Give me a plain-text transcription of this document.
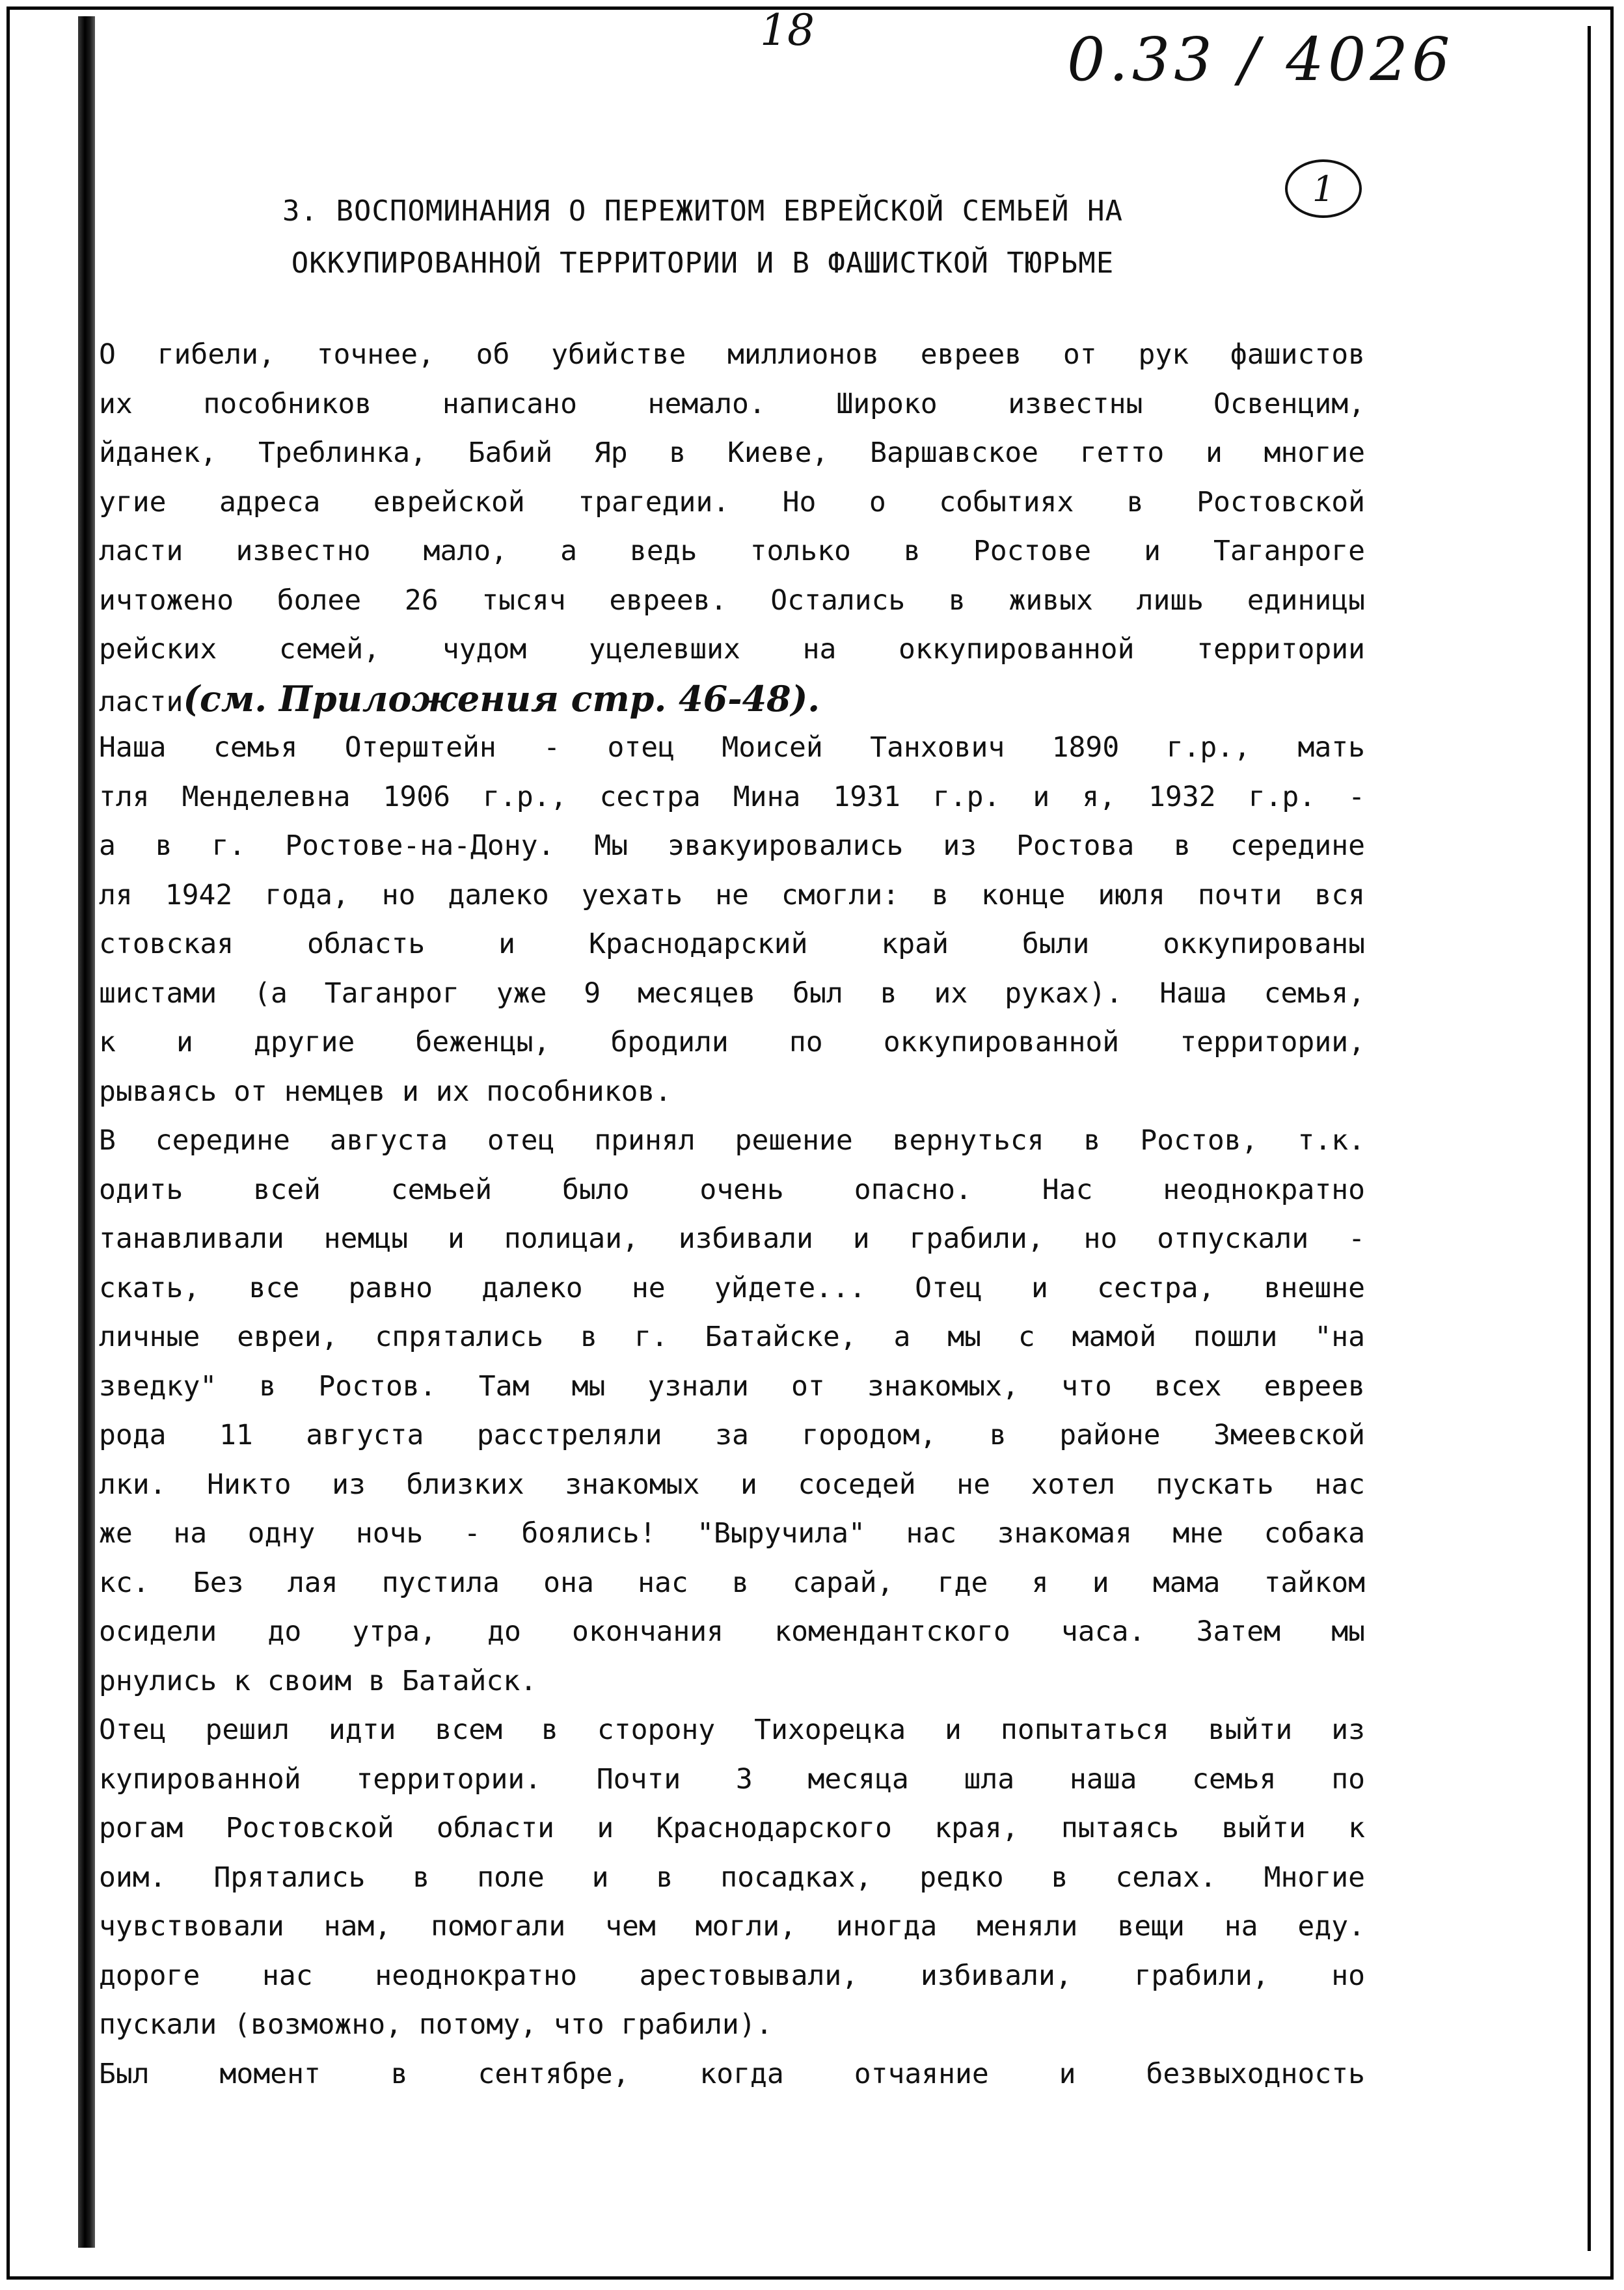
18	0.33 / 4026
1
3. ВОСПОМИНАНИЯ О ПЕРЕЖИТОМ ЕВРЕЙСКОЙ СЕМЬЕЙ НА
ОККУПИРОВАННОЙ ТЕРРИТОРИИ И В ФАШИСТКОЙ ТЮРЬМЕ
О гибели, точнее, об убийстве миллионов евреев от рук фашистов
их пособников написано немало. Широко известны Освенцим,
йданек, Треблинка, Бабий Яр в Киеве, Варшавское гетто и многие
угие адреса еврейской трагедии. Но о событиях в Ростовской
ласти известно мало, а ведь только в Ростове и Таганроге
ичтожено более 26 тысяч евреев. Остались в живых лишь единицы
рейских семей, чудом уцелевших на оккупированной территории
ласти(см. Приложения стр. 46-48).
Наша семья Отерштейн - отец Моисей Танхович 1890 г.р., мать
тля Менделевна 1906 г.р., сестра Мина 1931 г.р. и я, 1932 г.р. -
а в г. Ростове-на-Дону. Мы эвакуировались из Ростова в середине
ля 1942 года, но далеко уехать не смогли: в конце июля почти вся
стовская область и Краснодарский край были оккупированы
шистами (а Таганрог уже 9 месяцев был в их руках). Наша семья,
к и другие беженцы, бродили по оккупированной территории,
рываясь от немцев и их пособников.
В середине августа отец принял решение вернуться в Ростов, т.к.
одить всей семьей было очень опасно. Нас неоднократно
танавливали немцы и полицаи, избивали и грабили, но отпускали -
скать, все равно далеко не уйдете... Отец и сестра, внешне
личные евреи, спрятались в г. Батайске, а мы с мамой пошли "на
зведку" в Ростов. Там мы узнали от знакомых, что всех евреев
рода 11 августа расстреляли за городом, в районе Змеевской
лки. Никто из близких знакомых и соседей не хотел пускать нас
же на одну ночь - боялись! "Выручила" нас знакомая мне собака
кс. Без лая пустила она нас в сарай, где я и мама тайком
осидели до утра, до окончания комендантского часа. Затем мы
рнулись к своим в Батайск.
Отец решил идти всем в сторону Тихорецка и попытаться выйти из
купированной территории. Почти 3 месяца шла наша семья по
рогам Ростовской области и Краснодарского края, пытаясь выйти к
оим. Прятались в поле и в посадках, редко в селах. Многие
чувствовали нам, помогали чем могли, иногда меняли вещи на еду.
дороге нас неоднократно арестовывали, избивали, грабили, но
пускали (возможно, потому, что грабили).
Был момент в сентябре, когда отчаяние и безвыходность
